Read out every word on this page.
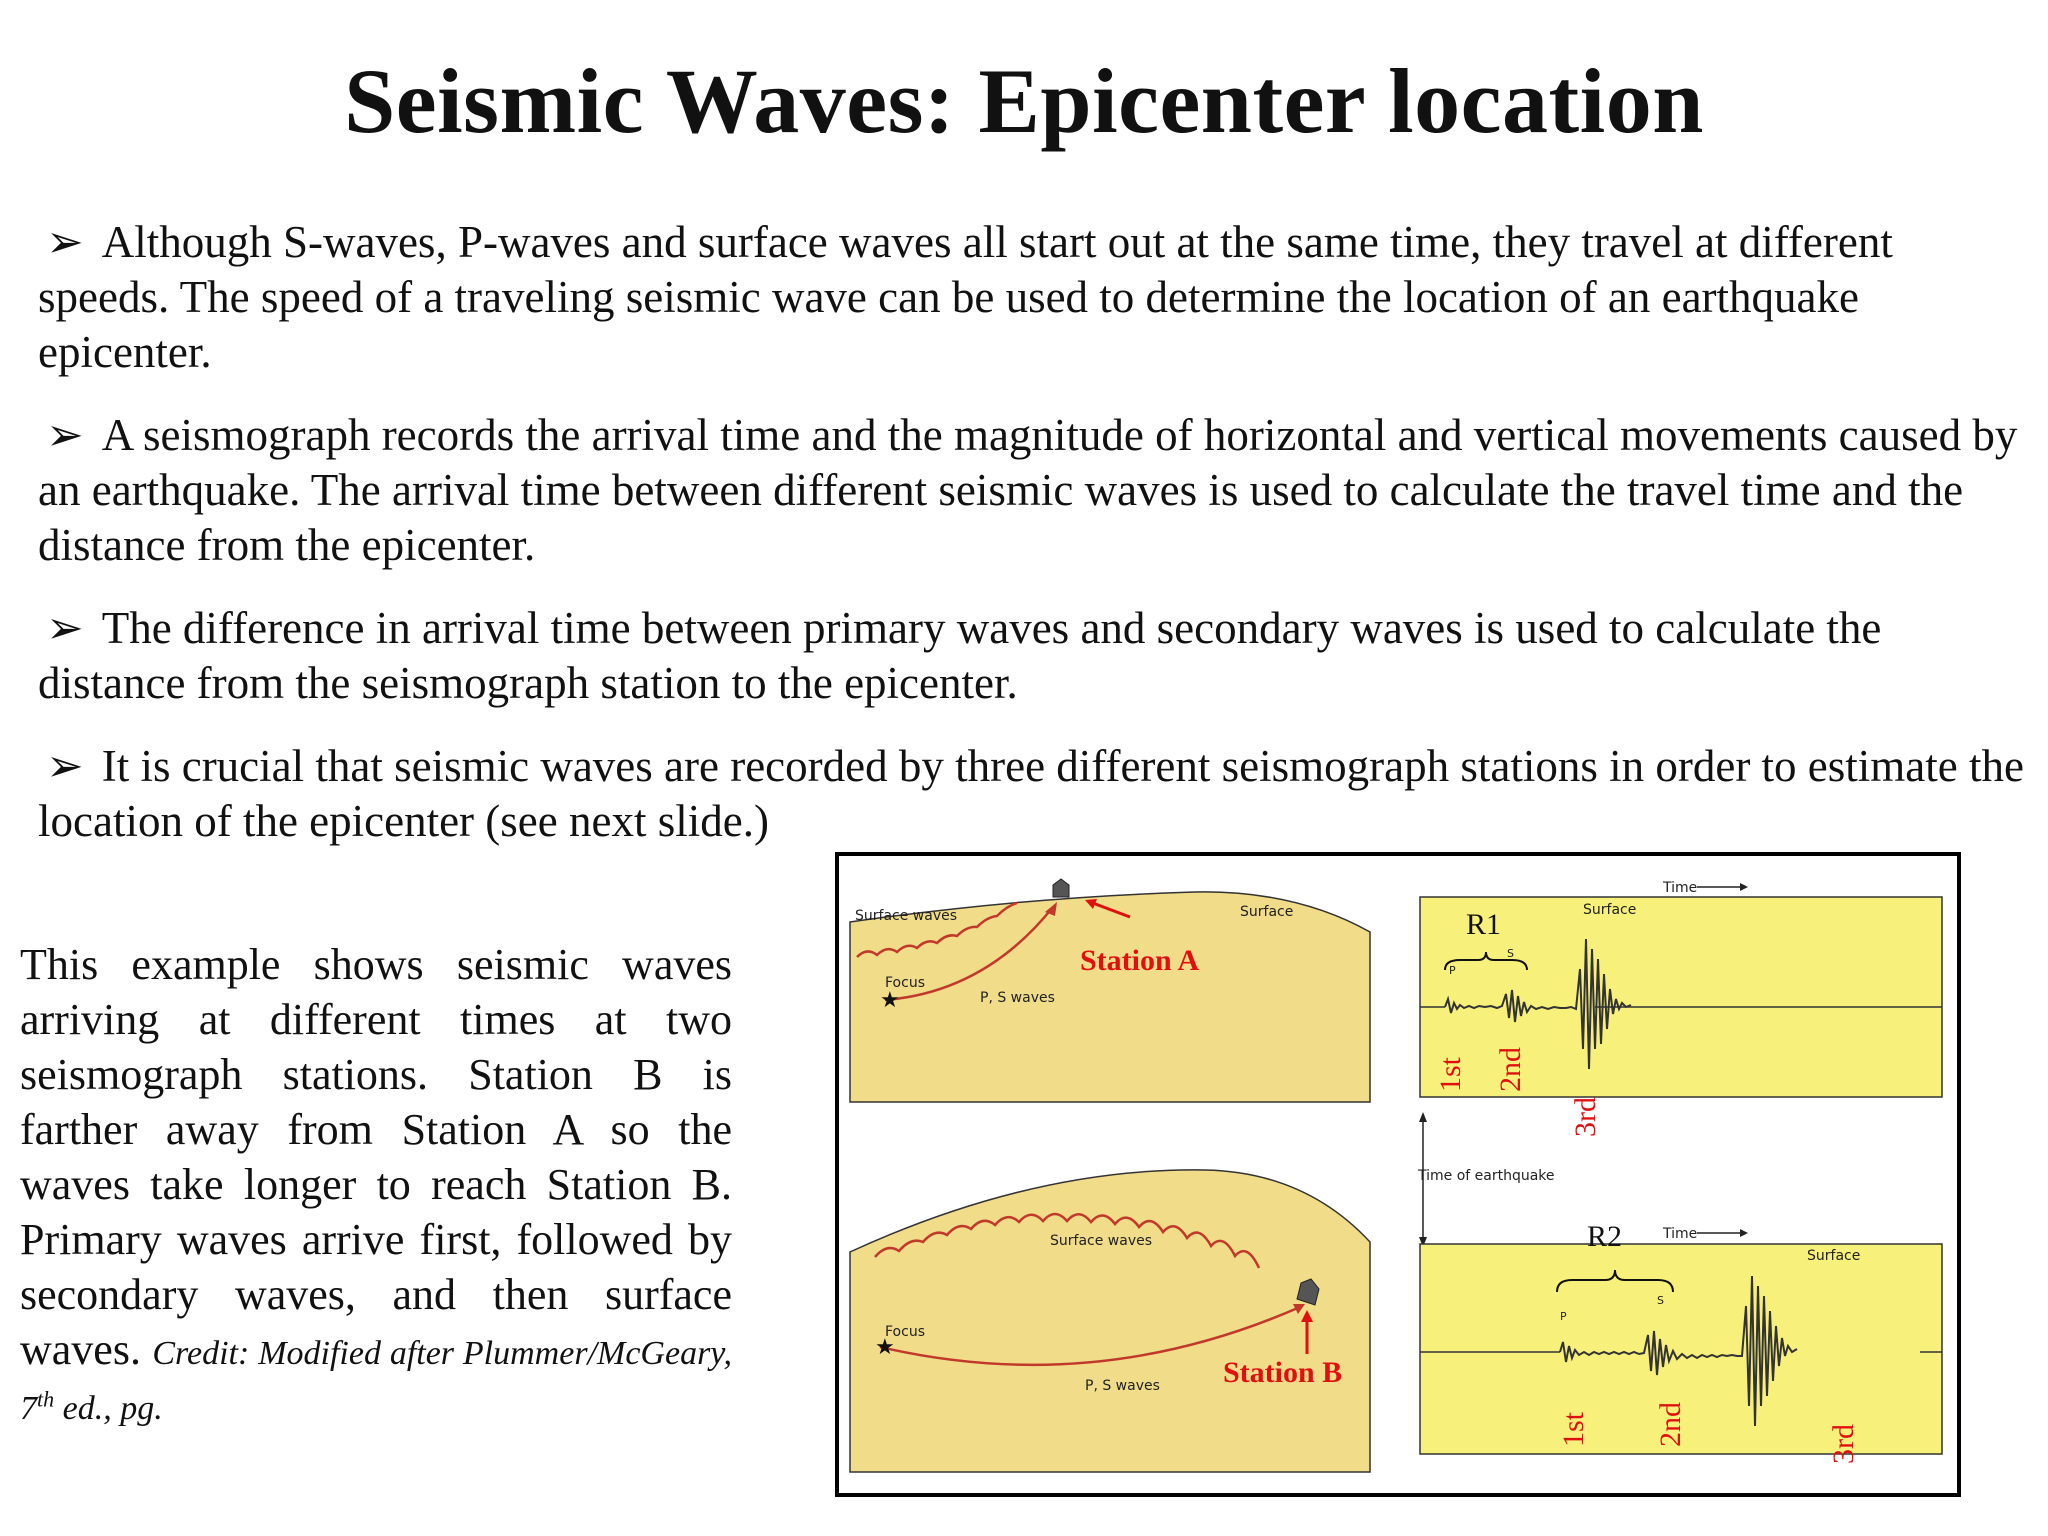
Seismic Waves: Epicenter location

➢ Although S-waves, P-waves and surface waves all start out at the same time, they travel at different speeds. The speed of a traveling seismic wave can be used to determine the location of an earthquake epicenter.

➢ A seismograph records the arrival time and the magnitude of horizontal and vertical movements caused by an earthquake. The arrival time between different seismic waves is used to calculate the travel time and the distance from the epicenter.

➢ The difference in arrival time between primary waves and secondary waves is used to calculate the distance from the seismograph station to the epicenter.

➢ It is crucial that seismic waves are recorded by three different seismograph stations in order to estimate the location of the epicenter (see next slide.)

This example shows seismic waves arriving at different times at two seismograph stations. Station B is farther away from Station A so the waves take longer to reach Station B. Primary waves arrive first, followed by secondary waves, and then surface waves. Credit: Modified after Plummer/McGeary, 7th ed., pg.
★
Surface waves	Surface
Focus
P, S waves
Station A
★
Surface waves
Focus
P, S waves Station B
Time
P
S
Surface
R1
1st 2nd
3rd
Time of earthquake
Time
P
S
Surface
R2
1st 2nd	3rd
